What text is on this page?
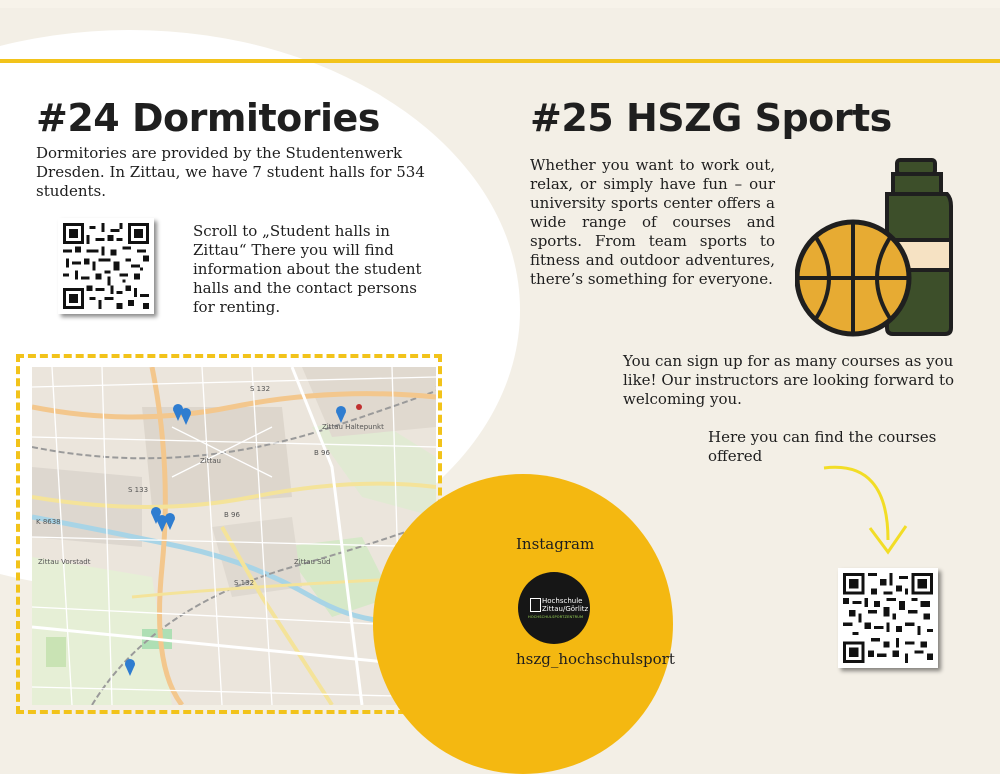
#24 Dormitories
Dormitories are provided by the Studentenwerk Dresden. In Zittau, we have 7 student halls for 534 students.
Scroll to „Student halls in Zittau“ There you will find information about the student halls and the contact persons for renting.
Zittau
S 132
S 133
B 96
B 96
K 8638
S 132
Zittau Haltepunkt
Zittau Süd
Zittau Vorstadt
#25 HSZG Sports
Whether you want to work out, relax, or simply have fun – our university sports center offers a wide range of courses and sports. From team sports to fitness and outdoor adventures, there’s something for everyone.
You can sign up for as many courses as you like! Our instructors are looking forward to welcoming you.
Here you can find the courses offered
Instagram
Hochschule
Zittau/Görlitz
HOCHSCHULSPORTZENTRUM
hszg_hochschulsport
